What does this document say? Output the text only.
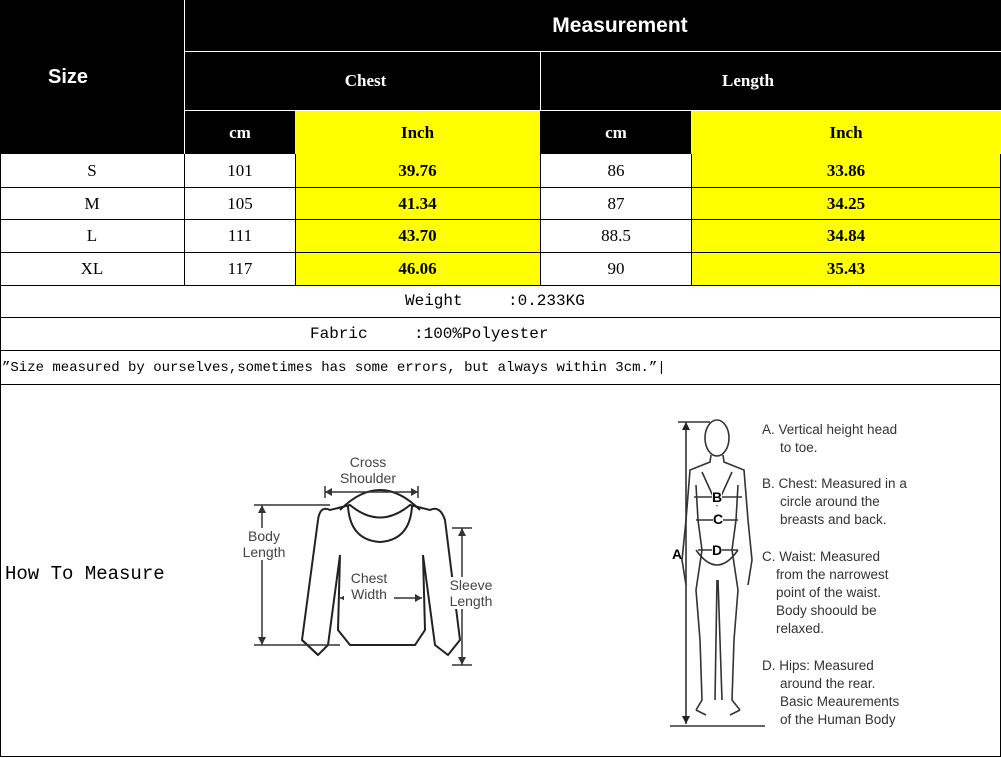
Size
Measurement
Chest	Length
cm	Inch	cm	Inch
S	101	39.76	86	33.86
M	105	41.34	87	34.25
L	111	43.70	88.5	34.84
XL	117	46.06	90	35.43
Weight	:0.233KG
Fabric	:100%Polyester
”Size measured by ourselves,sometimes has some errors, but always within 3cm.”|
How To Measure
Cross
Shoulder
Body
Length
Chest
Width
Sleeve
Length
A
B
C
D
A. Vertical height head
to toe.
B. Chest: Measured in a
circle around the
breasts and back.
C. Waist: Measured
from the narrowest
point of the waist.
Body shoould be
relaxed.
D. Hips: Measured
around the rear.
Basic Meaurements
of the Human Body
